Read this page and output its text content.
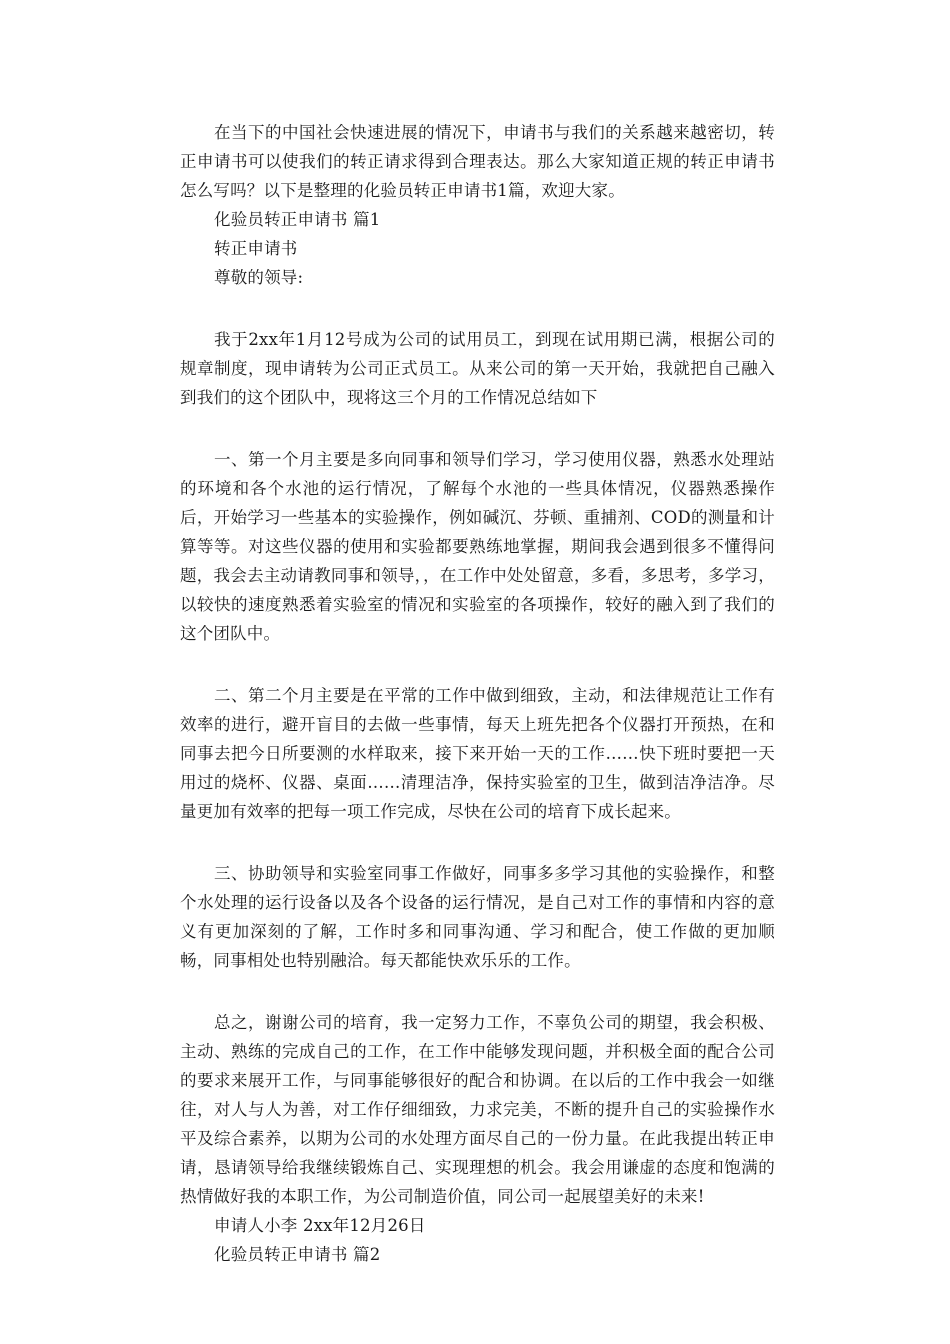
在当下的中国社会快速进展的情况下，申请书与我们的关系越来越密切，转正申请书可以使我们的转正请求得到合理表达。那么大家知道正规的转正申请书怎么写吗？以下是整理的化验员转正申请书1篇，欢迎大家。

化验员转正申请书 篇1

转正申请书

尊敬的领导:

我于2xx年1月12号成为公司的试用员工，到现在试用期已满，根据公司的规章制度，现申请转为公司正式员工。从来公司的第一天开始，我就把自己融入到我们的这个团队中，现将这三个月的工作情况总结如下

一、第一个月主要是多向同事和领导们学习，学习使用仪器，熟悉水处理站的环境和各个水池的运行情况，了解每个水池的一些具体情况，仪器熟悉操作后，开始学习一些基本的实验操作，例如碱沉、芬顿、重捕剂、COD的测量和计算等等。对这些仪器的使用和实验都要熟练地掌握，期间我会遇到很多不懂得问题，我会去主动请教同事和领导，，在工作中处处留意，多看，多思考，多学习，以较快的速度熟悉着实验室的情况和实验室的各项操作，较好的融入到了我们的这个团队中。

二、第二个月主要是在平常的工作中做到细致，主动，和法律规范让工作有效率的进行，避开盲目的去做一些事情，每天上班先把各个仪器打开预热，在和同事去把今日所要测的水样取来，接下来开始一天的工作……快下班时要把一天用过的烧杯、仪器、桌面……清理洁净，保持实验室的卫生，做到洁净洁净。尽量更加有效率的把每一项工作完成，尽快在公司的培育下成长起来。

三、协助领导和实验室同事工作做好，同事多多学习其他的实验操作，和整个水处理的运行设备以及各个设备的运行情况，是自己对工作的事情和内容的意义有更加深刻的了解，工作时多和同事沟通、学习和配合，使工作做的更加顺畅，同事相处也特别融洽。每天都能快欢乐乐的工作。

总之，谢谢公司的培育，我一定努力工作，不辜负公司的期望，我会积极、主动、熟练的完成自己的工作，在工作中能够发现问题，并积极全面的配合公司的要求来展开工作，与同事能够很好的配合和协调。在以后的工作中我会一如继往，对人与人为善，对工作仔细细致，力求完美，不断的提升自己的实验操作水平及综合素养，以期为公司的水处理方面尽自己的一份力量。在此我提出转正申请，恳请领导给我继续锻炼自己、实现理想的机会。我会用谦虚的态度和饱满的热情做好我的本职工作，为公司制造价值，同公司一起展望美好的未来!

申请人小李 2xx年12月26日

化验员转正申请书 篇2
